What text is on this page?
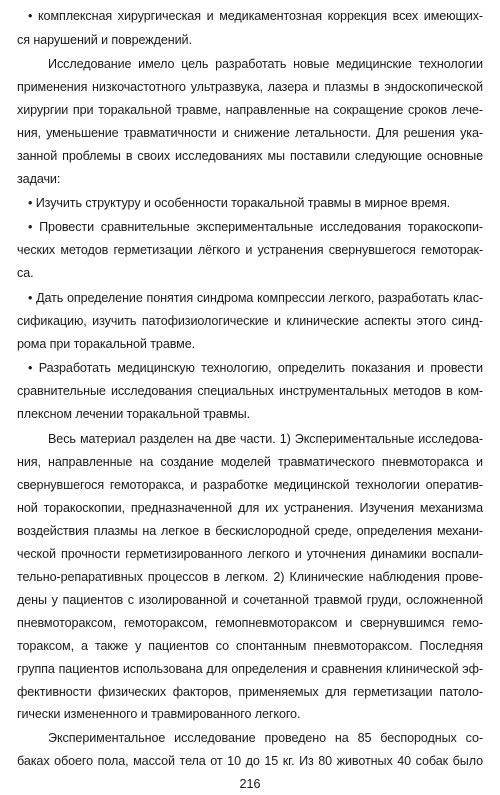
• комплексная хирургическая и медикаментозная коррекция всех имеющих-
ся нарушений и повреждений.
Исследование имело цель разработать новые медицинские технологии
применения низкочастотного ультразвука, лазера и плазмы в эндоскопической
хирургии при торакальной травме, направленные на сокращение сроков лече-
ния, уменьшение травматичности и снижение летальности. Для решения ука-
занной проблемы в своих исследованиях мы поставили следующие основные
задачи:
• Изучить структуру и особенности торакальной травмы в мирное время.
• Провести сравнительные экспериментальные исследования торакоскопи-
ческих методов герметизации лёгкого и устранения свернувшегося гемоторак-
са.
• Дать определение понятия синдрома компрессии легкого, разработать клас-
сификацию, изучить патофизиологические и клинические аспекты этого синд-
рома при торакальной травме.
• Разработать медицинскую технологию, определить показания и провести
сравнительные исследования специальных инструментальных методов в ком-
плексном лечении торакальной травмы.
Весь материал разделен на две части. 1) Экспериментальные исследова-
ния, направленные на создание моделей травматического пневмоторакса и
свернувшегося гемоторакса, и разработке медицинской технологии оператив-
ной торакоскопии, предназначенной для их устранения. Изучения механизма
воздействия плазмы на легкое в бескислородной среде, определения механи-
ческой прочности герметизированного легкого и уточнения динамики воспали-
тельно-репаративных процессов в легком. 2) Клинические наблюдения прове-
дены у пациентов с изолированной и сочетанной травмой груди, осложненной
пневмотораксом, гемотораксом, гемопневмотораксом и свернувшимся гемо-
тораксом, а также у пациентов со спонтанным пневмотораксом. Последняя
группа пациентов использована для определения и сравнения клинической эф-
фективности физических факторов, применяемых для герметизации патоло-
гически измененного и травмированного легкого.
Экспериментальное исследование проведено на 85 беспородных со-
баках обоего пола, массой тела от 10 до 15 кг. Из 80 животных 40 собак было
216
